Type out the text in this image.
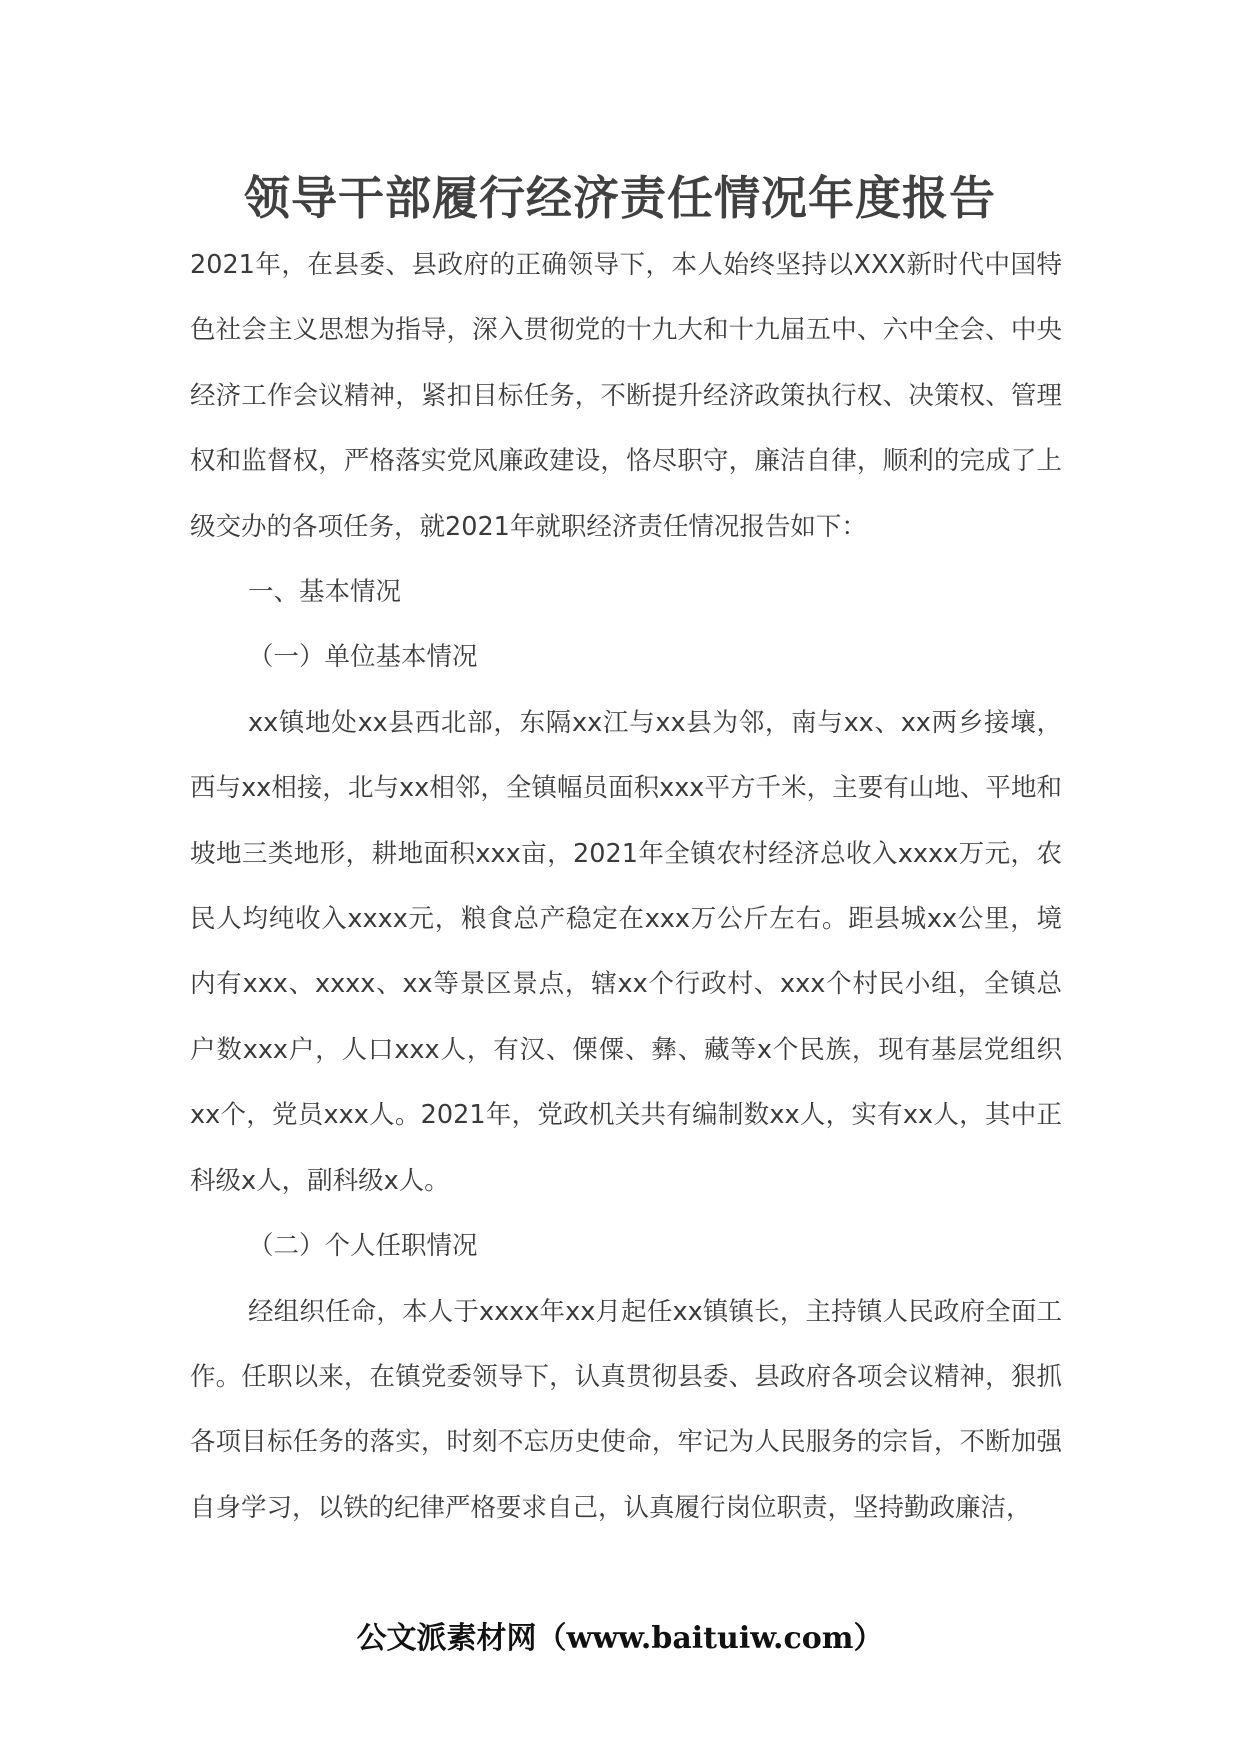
领导干部履行经济责任情况年度报告

2021年，在县委、县政府的正确领导下，本人始终坚持以XXX新时代中国特色社会主义思想为指导，深入贯彻党的十九大和十九届五中、六中全会、中央经济工作会议精神，紧扣目标任务，不断提升经济政策执行权、决策权、管理权和监督权，严格落实党风廉政建设，恪尽职守，廉洁自律，顺利的完成了上级交办的各项任务，就2021年就职经济责任情况报告如下：

一、基本情况

（一）单位基本情况

xx镇地处xx县西北部，东隔xx江与xx县为邻，南与xx、xx两乡接壤，西与xx相接，北与xx相邻，全镇幅员面积xxx平方千米，主要有山地、平地和坡地三类地形，耕地面积xxx亩，2021年全镇农村经济总收入xxxx万元，农民人均纯收入xxxx元，粮食总产稳定在xxx万公斤左右。距县城xx公里，境内有xxx、xxxx、xx等景区景点，辖xx个行政村、xxx个村民小组，全镇总户数xxx户，人口xxx人，有汉、傈僳、彝、藏等x个民族，现有基层党组织xx个，党员xxx人。2021年，党政机关共有编制数xx人，实有xx人，其中正科级x人，副科级x人。

（二）个人任职情况

经组织任命，本人于xxxx年xx月起任xx镇镇长，主持镇人民政府全面工作。任职以来，在镇党委领导下，认真贯彻县委、县政府各项会议精神，狠抓各项目标任务的落实，时刻不忘历史使命，牢记为人民服务的宗旨，不断加强自身学习，以铁的纪律严格要求自己，认真履行岗位职责，坚持勤政廉洁，

公文派素材网（www.baituiw.com）
